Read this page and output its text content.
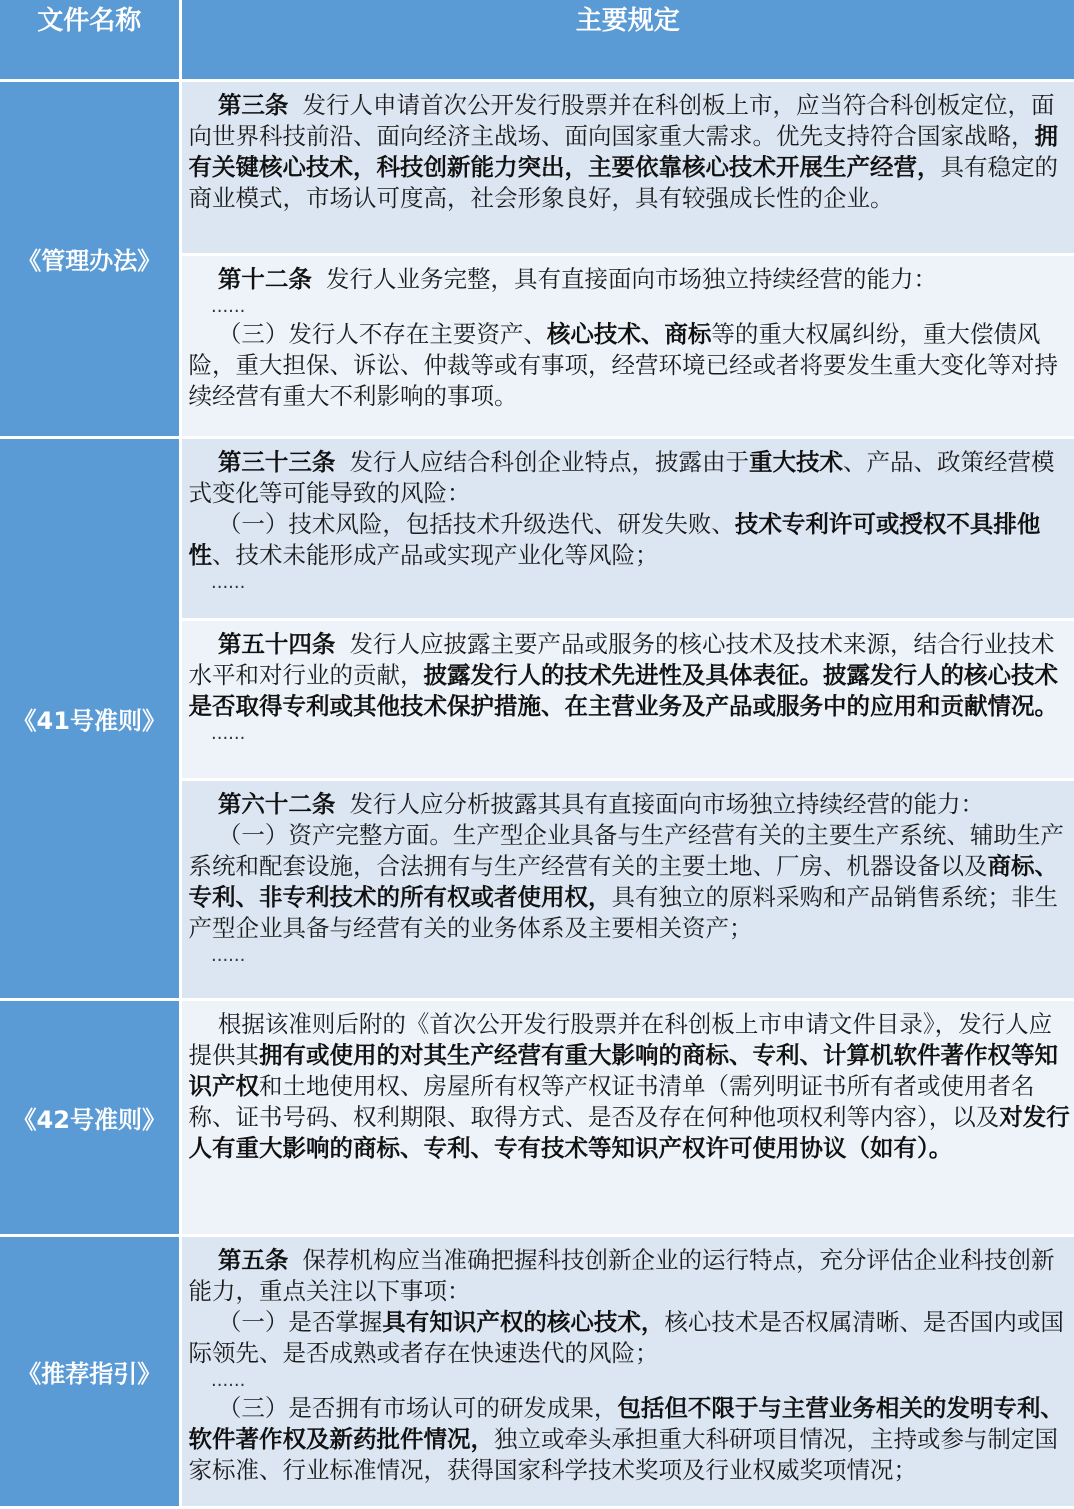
文件名称	主要规定
《管理办法》	第三条 发行人申请首次公开发行股票并在科创板上市，应当符合科创板定位，面向世界科技前沿、面向经济主战场、面向国家重大需求。优先支持符合国家战略，拥有关键核心技术，科技创新能力突出，主要依靠核心技术开展生产经营，具有稳定的商业模式，市场认可度高，社会形象良好，具有较强成长性的企业。

	第十二条 发行人业务完整，具有直接面向市场独立持续经营的能力：

......

（三）发行人不存在主要资产、核心技术、商标等的重大权属纠纷，重大偿债风险，重大担保、诉讼、仲裁等或有事项，经营环境已经或者将要发生重大变化等对持续经营有重大不利影响的事项。

《41号准则》	第三十三条 发行人应结合科创企业特点，披露由于重大技术、产品、政策经营模式变化等可能导致的风险：

（一）技术风险，包括技术升级迭代、研发失败、技术专利许可或授权不具排他性、技术未能形成产品或实现产业化等风险；

......

	第五十四条 发行人应披露主要产品或服务的核心技术及技术来源，结合行业技术水平和对行业的贡献，披露发行人的技术先进性及具体表征。披露发行人的核心技术是否取得专利或其他技术保护措施、在主营业务及产品或服务中的应用和贡献情况。

......

	第六十二条 发行人应分析披露其具有直接面向市场独立持续经营的能力：

（一）资产完整方面。生产型企业具备与生产经营有关的主要生产系统、辅助生产系统和配套设施，合法拥有与生产经营有关的主要土地、厂房、机器设备以及商标、专利、非专利技术的所有权或者使用权，具有独立的原料采购和产品销售系统；非生产型企业具备与经营有关的业务体系及主要相关资产；

......

《42号准则》	根据该准则后附的《首次公开发行股票并在科创板上市申请文件目录》，发行人应提供其拥有或使用的对其生产经营有重大影响的商标、专利、计算机软件著作权等知识产权和土地使用权、房屋所有权等产权证书清单（需列明证书所有者或使用者名称、证书号码、权利期限、取得方式、是否及存在何种他项权利等内容），以及对发行人有重大影响的商标、专利、专有技术等知识产权许可使用协议（如有）。

《推荐指引》	第五条 保荐机构应当准确把握科技创新企业的运行特点，充分评估企业科技创新能力，重点关注以下事项：

（一）是否掌握具有知识产权的核心技术，核心技术是否权属清晰、是否国内或国际领先、是否成熟或者存在快速迭代的风险；

......

（三）是否拥有市场认可的研发成果，包括但不限于与主营业务相关的发明专利、软件著作权及新药批件情况，独立或牵头承担重大科研项目情况，主持或参与制定国家标准、行业标准情况，获得国家科学技术奖项及行业权威奖项情况；
